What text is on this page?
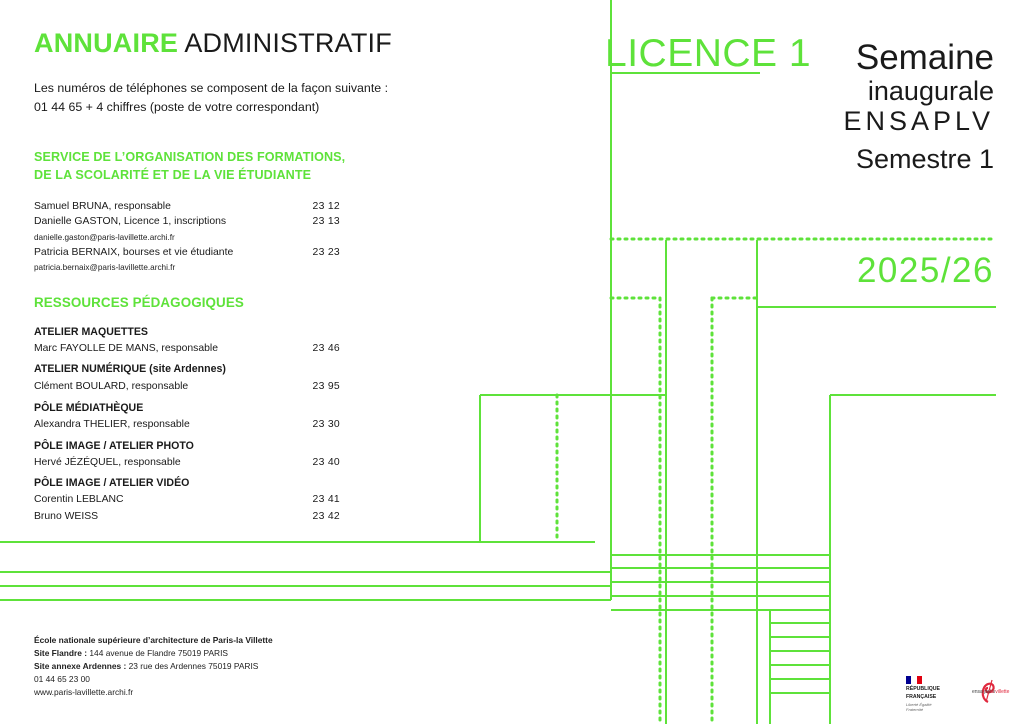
ANNUAIRE ADMINISTRATIF
Les numéros de téléphones se composent de la façon suivante :
01 44 65 + 4 chiffres (poste de votre correspondant)
SERVICE DE L’ORGANISATION DES FORMATIONS,
DE LA SCOLARITÉ ET DE LA VIE ÉTUDIANTE
Samuel BRUNA, responsable	23 12
Danielle GASTON, Licence 1, inscriptions	23 13
danielle.gaston@paris-lavillette.archi.fr
Patricia BERNAIX, bourses et vie étudiante	23 23
patricia.bernaix@paris-lavillette.archi.fr
RESSOURCES PÉDAGOGIQUES
ATELIER MAQUETTES
Marc FAYOLLE DE MANS, responsable	23 46
ATELIER NUMÉRIQUE (site Ardennes)
Clément BOULARD, responsable	23 95
PÔLE MÉDIATHÈQUE
Alexandra THELIER, responsable	23 30
PÔLE IMAGE / ATELIER PHOTO
Hervé JÉZÉQUEL, responsable	23 40
PÔLE IMAGE / ATELIER VIDÉO
Corentin LEBLANC	23 41
Bruno WEISS	23 42
LICENCE 1 Semaine
inaugurale
ENSAPLV
Semestre 1
2025/26
École nationale supérieure d’architecture de Paris-la Villette
Site Flandre : 144 avenue de Flandre 75019 PARIS
Site annexe Ardennes : 23 rue des Ardennes 75019 PARIS
01 44 65 23 00
www.paris-lavillette.archi.fr	RÉPUBLIQUE
FRANÇAISE
Liberté Égalité Fraternité
ensa paris
la villette
